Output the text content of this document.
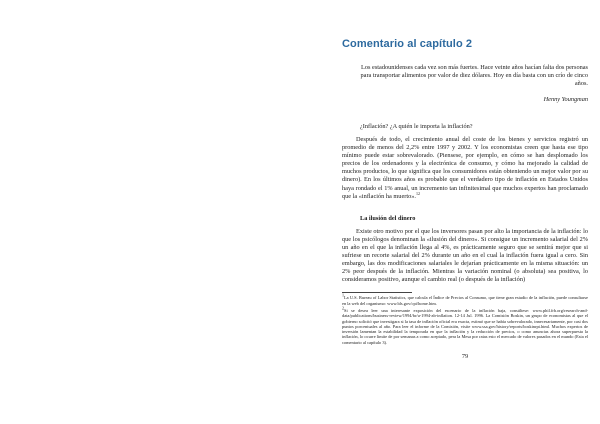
Comentario al capítulo 2
Los estadounidenses cada vez son más fuertes. Hace veinte años hacían falta dos personas para transportar alimentos por valor de diez dólares. Hoy en día basta con un crío de cinco años.
Henny Youngman
¿Inflación? ¿A quién le importa la inflación?

Después de todo, el crecimiento anual del coste de los bienes y servicios registró un promedio de menos del 2,2% entre 1997 y 2002. Y los economistas creen que hasta ese tipo mínimo puede estar sobrevalorado. (Piensese, por ejemplo, en cómo se han desplomado los precios de los ordenadores y la electrónica de consumo, y cómo ha mejorado la calidad de muchos productos, lo que significa que los consumidores están obteniendo un mejor valor por su dinero). En los últimos años es probable que el verdadero tipo de inflación en Estados Unidos haya rondado el 1% anual, un incremento tan infinitesimal que muchos expertos han proclamado que la «inflación ha muerto».$^{12}$

La ilusión del dinero

Existe otro motivo por el que los inversores pasan por alto la importancia de la inflación: lo que los psicólogos denominan la «ilusión del dinero». Si consigue un incremento salarial del 2% un año en el que la inflación llega al 4%, es prácticamente seguro que se sentirá mejor que si sufriese un recorte salarial del 2% durante un año en el cual la inflación fuera igual a cero. Sin embargo, las dos modificaciones salariales le dejarían prácticamente en la misma situación: un 2% peor después de la inflación. Mientras la variación nominal (o absoluta) sea positiva, lo consideramos positivo, aunque el cambio real (o después de la inflación)

$^1$La U.S. Bureau of Labor Statistics, que calcula el Índice de Precios al Consumo, que tiene gran estudio de la inflación, puede consultarse en la web del organismo: www.bls.gov/cpi/home.htm.
$^2$Si se desea leer una interesante exposición del escenario de la inflación baja, consúltese: www.phil.frb.org/research-and-data/publications/business-review/1994/br/u-1994-ab-inflation. 12-14 Jul. 1996. La Comisión Boskin, un grupo de economistas al que el gobierno solicitó que investigara si la tasa de inflación oficial era exacta, estimó que se había sobrevalorado, innecesariamente, por casi dos puntos porcentuales al año. Para leer el informe de la Comisión, visite www.ssa.gov/history/reports/boskinrpt.html. Muchos expertos de inversión lamentan la estabilidad la temporada en que la inflación y la reducción de precios, o como anuncias ahora superpuesta la inflación, lo ocurre limite de por semanas a como aceptado, pera la Mesa por ratas esto el mercado de valores pasados en el mundo (Esta el comentario al capítulo 3).
79
